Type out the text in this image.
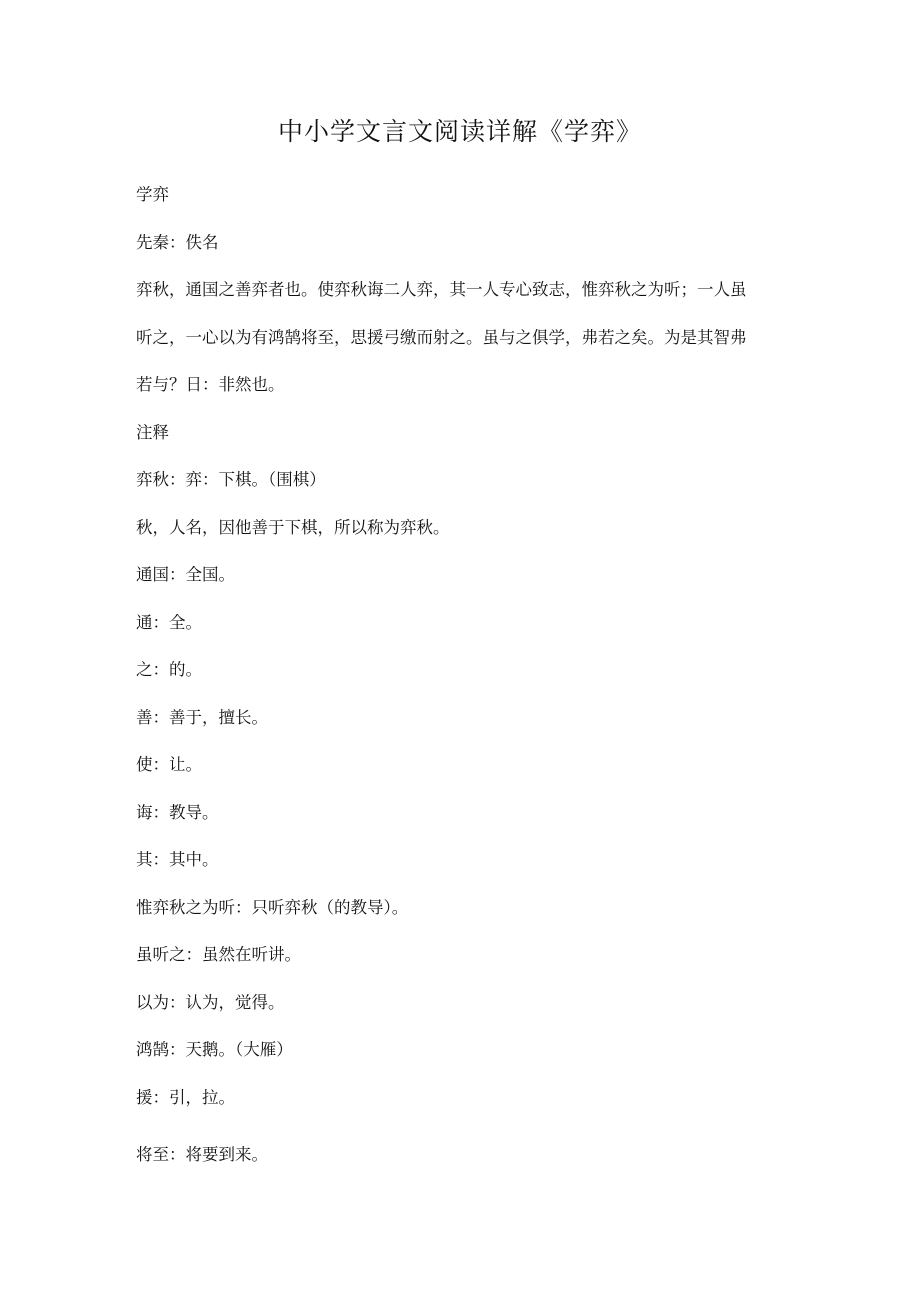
中小学文言文阅读详解《学弈》
学弈
先秦：佚名
弈秋，通国之善弈者也。使弈秋诲二人弈，其一人专心致志，惟弈秋之为听；一人虽
听之，一心以为有鸿鹄将至，思援弓缴而射之。虽与之俱学，弗若之矣。为是其智弗
若与？日：非然也。
注释
弈秋：弈：下棋。（围棋）
秋，人名，因他善于下棋，所以称为弈秋。
通国：全国。
通：全。
之：的。
善：善于，擅长。
使：让。
诲：教导。
其：其中。
惟弈秋之为听：只听弈秋（的教导）。
虽听之：虽然在听讲。
以为：认为，觉得。
鸿鹄：天鹅。（大雁）
援：引，拉。
将至：将要到来。
